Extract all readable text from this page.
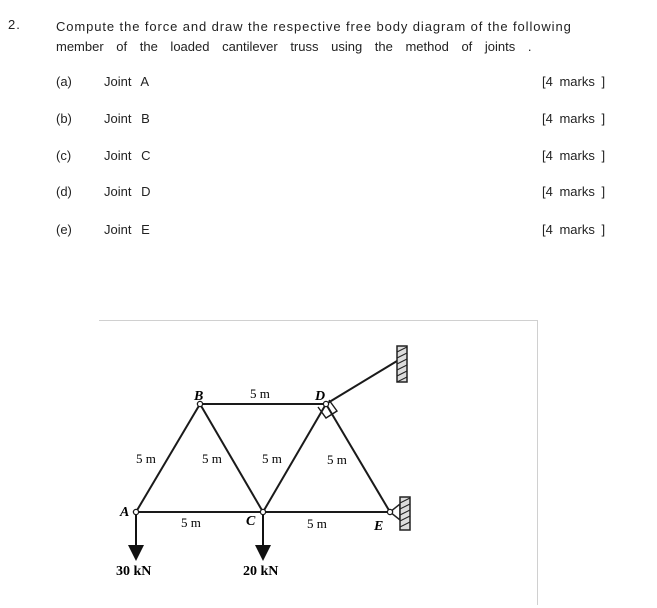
2.	Compute the force and draw the respective free body diagram of the following
member of the loaded cantilever truss using the method of joints .
(a) Joint A	[4 marks ]
(b) Joint B	[4 marks ]
(c)	Joint C	[4 marks ]
(d) Joint D	[4 marks ]
(e) Joint E	[4 marks ]
B	D
A
C	E
5 m
5 m	5 m	5 m	5 m
5 m	5 m
30 kN	20 kN
